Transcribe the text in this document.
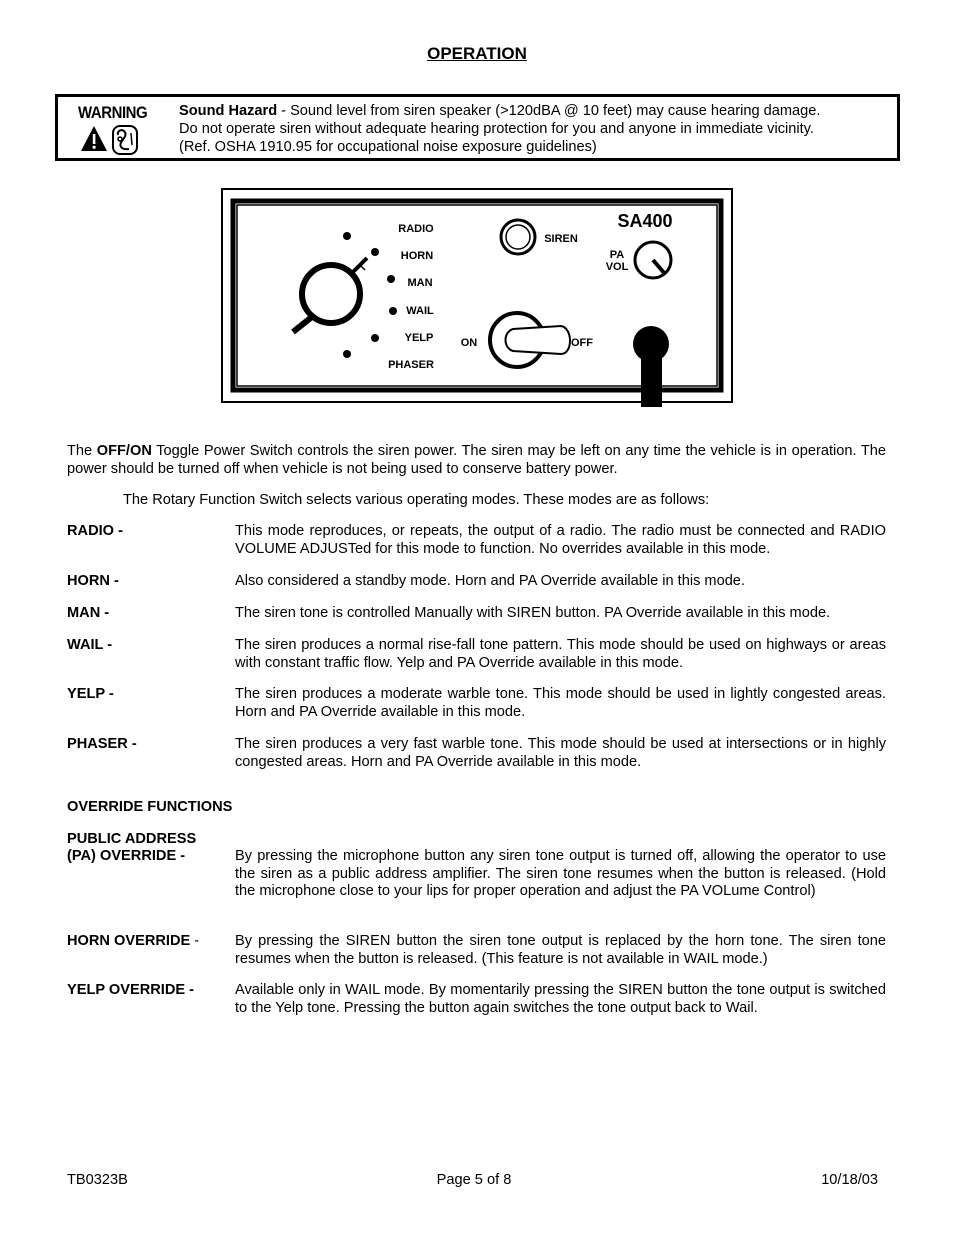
OPERATION
WARNING Sound Hazard - Sound level from siren speaker (>120dBA @ 10 feet) may cause hearing damage.

Do not operate siren without adequate hearing protection for you and anyone in immediate vicinity.

(Ref. OSHA 1910.95 for occupational noise exposure guidelines)

SA400
RADIO
HORN
MAN
WAIL
YELP
PHASER
SIREN
PA
VOL
ON	OFF

The OFF/ON Toggle Power Switch controls the siren power. The siren may be left on any time the vehicle is in operation. The power should be turned off when vehicle is not being used to conserve battery power.

The Rotary Function Switch selects various operating modes. These modes are as follows:

RADIO -	This mode reproduces, or repeats, the output of a radio. The radio must be connected and RADIO VOLUME ADJUSTed for this mode to function. No overrides available in this mode.

HORN -	Also considered a standby mode. Horn and PA Override available in this mode.

MAN -	The siren tone is controlled Manually with SIREN button. PA Override available in this mode.

WAIL -	The siren produces a normal rise-fall tone pattern. This mode should be used on highways or areas with constant traffic flow. Yelp and PA Override available in this mode.

YELP -	The siren produces a moderate warble tone. This mode should be used in lightly congested areas. Horn and PA Override available in this mode.

PHASER -	The siren produces a very fast warble tone. This mode should be used at intersections or in highly congested areas. Horn and PA Override available in this mode.

OVERRIDE FUNCTIONS
PUBLIC ADDRESS
(PA) OVERRIDE -	By pressing the microphone button any siren tone output is turned off, allowing the operator to use the siren as a public address amplifier. The siren tone resumes when the button is released. (Hold the microphone close to your lips for proper operation and adjust the PA VOLume Control)

HORN OVERRIDE - By pressing the SIREN button the siren tone output is replaced by the horn tone. The siren tone resumes when the button is released. (This feature is not available in WAIL mode.)

YELP OVERRIDE -	Available only in WAIL mode. By momentarily pressing the SIREN button the tone output is switched to the Yelp tone. Pressing the button again switches the tone output back to Wail.

TB0323B	Page 5 of 8	10/18/03
